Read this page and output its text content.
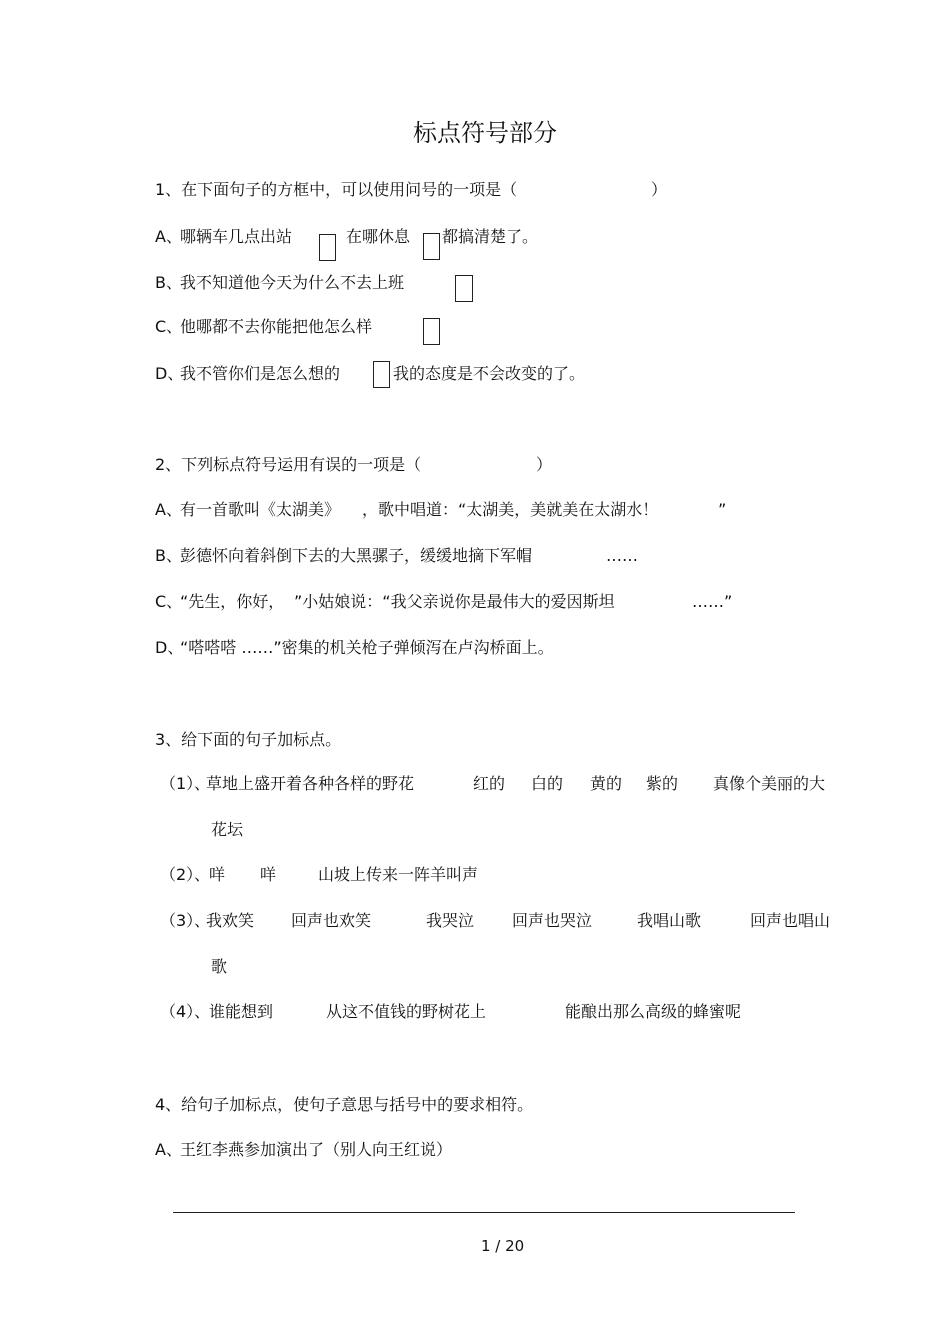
标点符号部分
1、在下面句子的方框中，可以使用问号的一项是（	）
A、
哪辆车几点出站	在哪休息 都搞清楚了。
B、
我不知道他今天为什么不去上班
C、
他哪都不去你能把他怎么样
D、
我不管你们是怎么想的	我的态度是不会改变的了。
2、下列标点符号运用有误的一项是（	）
A、
有一首歌叫《太湖美》 ，歌中唱道：“太湖美，美就美在太湖水！	”
B、
彭德怀向着斜倒下去的大黑骡子，缓缓地摘下军帽	……
C、
“先生，你好， ”小姑娘说：“我父亲说你是最伟大的爱因斯坦	……”
D、
“嗒嗒嗒 ……”密集的机关枪子弹倾泻在卢沟桥面上。
3、给下面的句子加标点。
（1）、
草地上盛开着各种各样的野花	红的 白的 黄的 紫的 真像个美丽的大
花坛
（2）、
咩 咩	山坡上传来一阵羊叫声
（3）、
我欢笑 回声也欢笑	我哭泣 回声也哭泣	我唱山歌	回声也唱山
歌
（4）、
谁能想到	从这不值钱的野树花上	能酿出那么高级的蜂蜜呢
4、给句子加标点，使句子意思与括号中的要求相符。
A、
王红李燕参加演出了（别人向王红说）
1 / 20
